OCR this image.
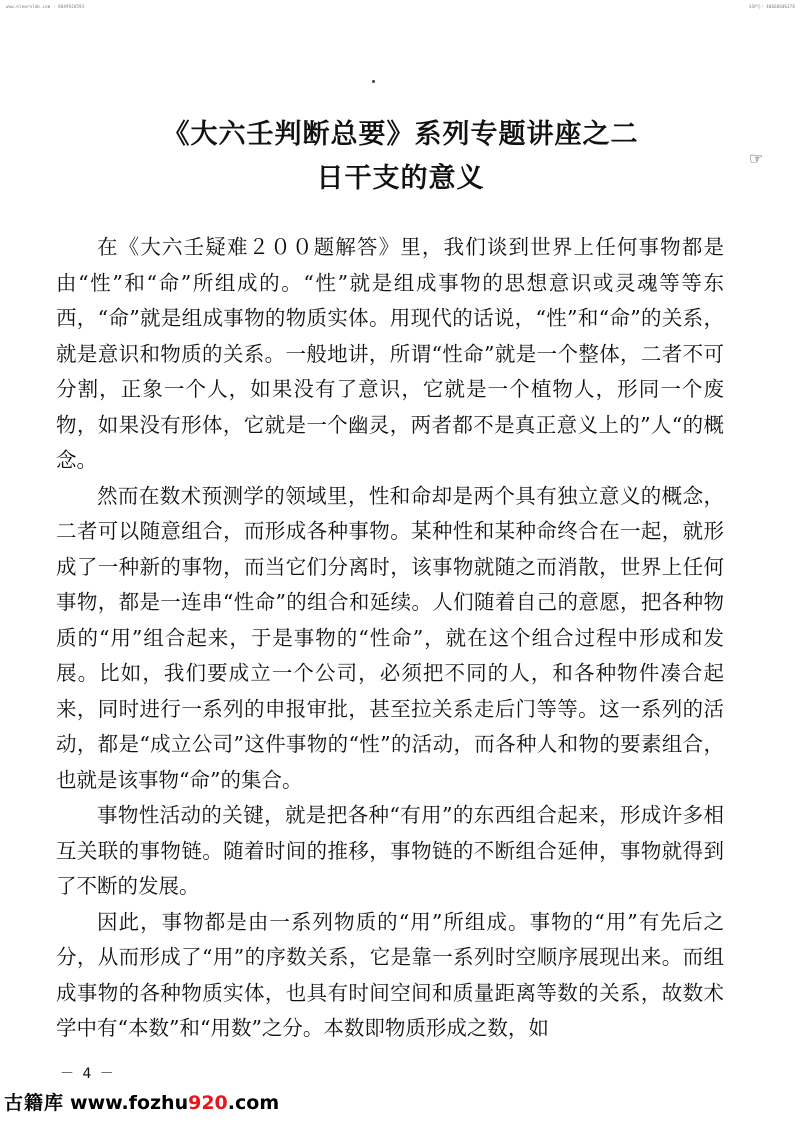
www.elearnlab.com · 8849926593	SSP号: 40660606378
《大六壬判断总要》系列专题讲座之二
日干支的意义
☞

在《大六壬疑难２００题解答》里，我们谈到世界上任何事物都是由“性”和“命”所组成的。“性”就是组成事物的思想意识或灵魂等等东西，“命”就是组成事物的物质实体。用现代的话说，“性”和“命”的关系，就是意识和物质的关系。一般地讲，所谓“性命”就是一个整体，二者不可分割，正象一个人，如果没有了意识，它就是一个植物人，形同一个废物，如果没有形体，它就是一个幽灵，两者都不是真正意义上的”人“的概念。

然而在数术预测学的领域里，性和命却是两个具有独立意义的概念，二者可以随意组合，而形成各种事物。某种性和某种命终合在一起，就形成了一种新的事物，而当它们分离时，该事物就随之而消散，世界上任何事物，都是一连串“性命”的组合和延续。人们随着自己的意愿，把各种物质的“用”组合起来，于是事物的“性命”，就在这个组合过程中形成和发展。比如，我们要成立一个公司，必须把不同的人，和各种物件凑合起来，同时进行一系列的申报审批，甚至拉关系走后门等等。这一系列的活动，都是“成立公司”这件事物的“性”的活动，而各种人和物的要素组合，也就是该事物“命”的集合。

事物性活动的关键，就是把各种“有用”的东西组合起来，形成许多相互关联的事物链。随着时间的推移，事物链的不断组合延伸，事物就得到了不断的发展。

因此，事物都是由一系列物质的“用”所组成。事物的“用”有先后之分，从而形成了“用”的序数关系，它是靠一系列时空顺序展现出来。而组成事物的各种物质实体，也具有时间空间和质量距离等数的关系，故数术学中有“本数”和“用数”之分。本数即物质形成之数，如

－ 4 －
古籍库 www.fozhu920.com
